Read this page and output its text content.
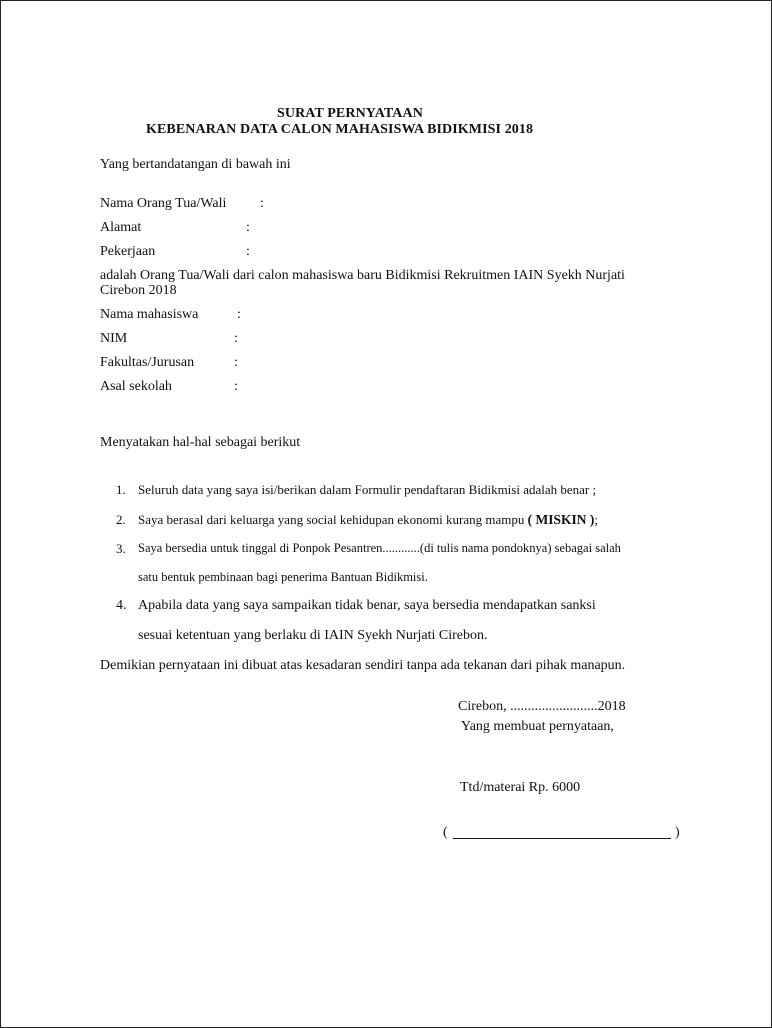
SURAT PERNYATAAN
KEBENARAN DATA CALON MAHASISWA BIDIKMISI 2018
Yang bertandatangan di bawah ini
Nama Orang Tua/Wali :
Alamat	:
Pekerjaan	:
adalah Orang Tua/Wali dari calon mahasiswa baru Bidikmisi Rekruitmen IAIN Syekh Nurjati Cirebon 2018
Nama mahasiswa	:
NIM	:
Fakultas/Jurusan	:
Asal sekolah	:
Menyatakan hal-hal sebagai berikut
1. Seluruh data yang saya isi/berikan dalam Formulir pendaftaran Bidikmisi adalah benar ;
2. Saya berasal dari keluarga yang social kehidupan ekonomi kurang mampu ( MISKIN );
3. Saya bersedia untuk tinggal di Ponpok Pesantren............(di tulis nama pondoknya) sebagai salah
satu bentuk pembinaan bagi penerima Bantuan Bidikmisi.
4. Apabila data yang saya sampaikan tidak benar, saya bersedia mendapatkan sanksi
sesuai ketentuan yang berlaku di IAIN Syekh Nurjati Cirebon.
Demikian pernyataan ini dibuat atas kesadaran sendiri tanpa ada tekanan dari pihak manapun.
Cirebon, .........................2018
Yang membuat pernyataan,
Ttd/materai Rp. 6000
(	)
